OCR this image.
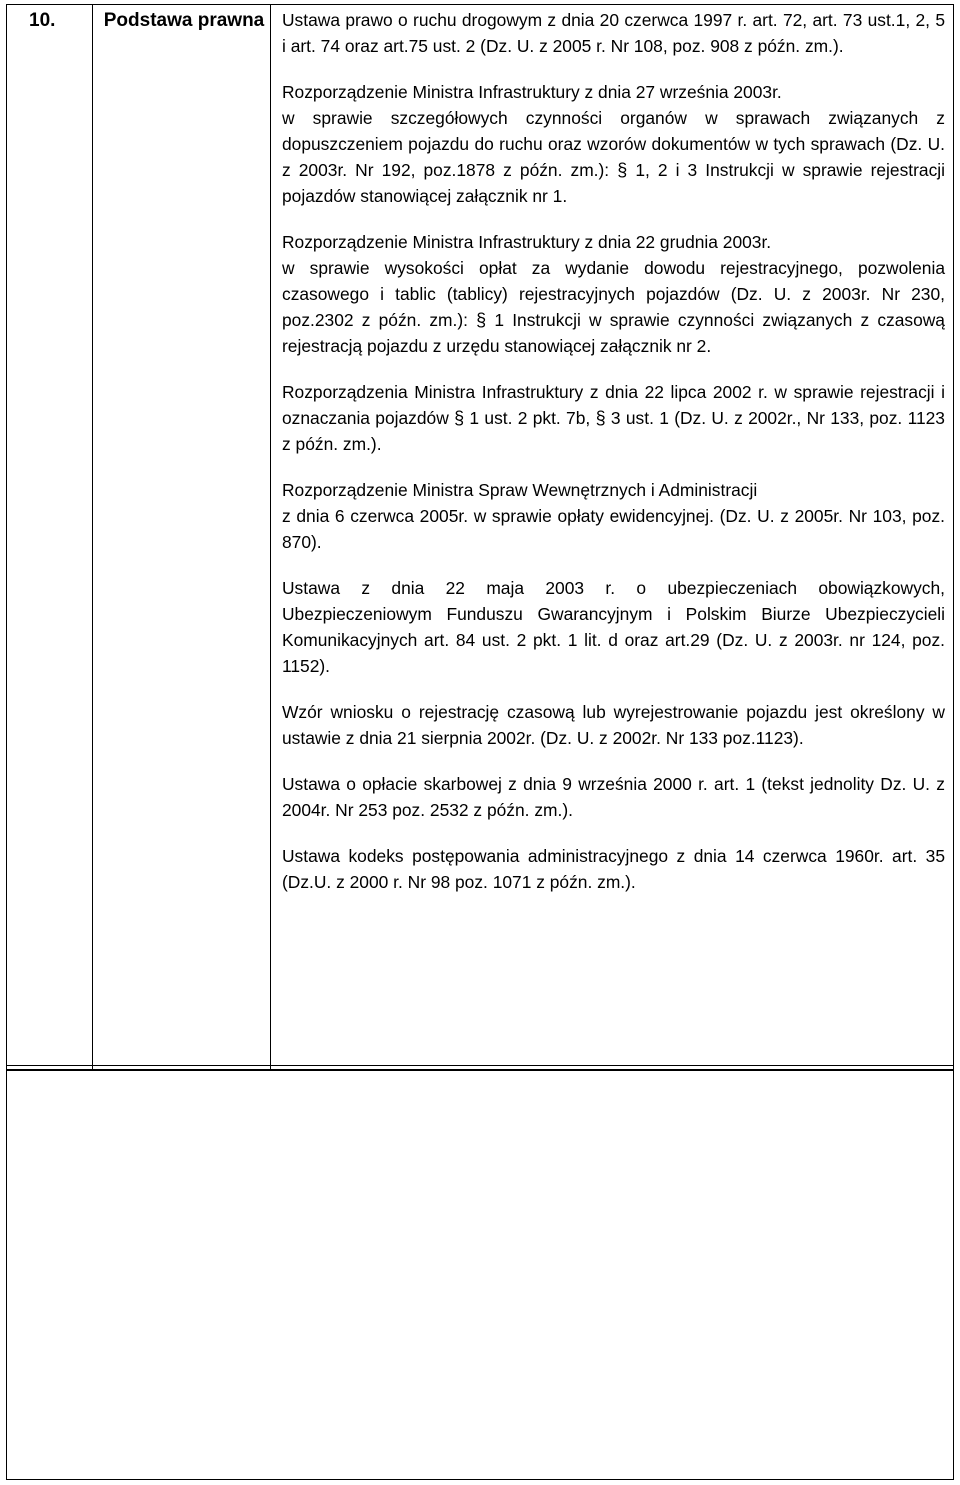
10.	Podstawa prawna Ustawa prawo o ruchu drogowym z dnia 20 czerwca 1997 r. art. 72, art. 73 ust.1, 2, 5 i art. 74 oraz art.75 ust. 2 (Dz. U. z 2005 r. Nr 108, poz. 908 z późn. zm.).

Rozporządzenie Ministra Infrastruktury z dnia 27 września 2003r.
w sprawie szczegółowych czynności organów w sprawach związanych z dopuszczeniem pojazdu do ruchu oraz wzorów dokumentów w tych sprawach (Dz. U. z 2003r. Nr 192, poz.1878 z późn. zm.): § 1, 2 i 3 Instrukcji w sprawie rejestracji pojazdów stanowiącej załącznik nr 1.

Rozporządzenie Ministra Infrastruktury z dnia 22 grudnia 2003r.
w sprawie wysokości opłat za wydanie dowodu rejestracyjnego, pozwolenia czasowego i tablic (tablicy) rejestracyjnych pojazdów (Dz. U. z 2003r. Nr 230, poz.2302 z późn. zm.): § 1 Instrukcji w sprawie czynności związanych z czasową rejestracją pojazdu z urzędu stanowiącej załącznik nr 2.

Rozporządzenia Ministra Infrastruktury z dnia 22 lipca 2002 r. w sprawie rejestracji i oznaczania pojazdów § 1 ust. 2 pkt. 7b, § 3 ust. 1 (Dz. U. z 2002r., Nr 133, poz. 1123 z późn. zm.).

Rozporządzenie Ministra Spraw Wewnętrznych i Administracji
z dnia 6 czerwca 2005r. w sprawie opłaty ewidencyjnej. (Dz. U. z 2005r. Nr 103, poz. 870).

Ustawa z dnia 22 maja 2003 r. o ubezpieczeniach obowiązkowych, Ubezpieczeniowym Funduszu Gwarancyjnym i Polskim Biurze Ubezpieczycieli Komunikacyjnych art. 84 ust. 2 pkt. 1 lit. d oraz art.29 (Dz. U. z 2003r. nr 124, poz. 1152).

Wzór wniosku o rejestrację czasową lub wyrejestrowanie pojazdu jest określony w ustawie z dnia 21 sierpnia 2002r. (Dz. U. z 2002r. Nr 133 poz.1123).

Ustawa o opłacie skarbowej z dnia 9 września 2000 r. art. 1 (tekst jednolity Dz. U. z 2004r. Nr 253 poz. 2532 z późn. zm.).

Ustawa kodeks postępowania administracyjnego z dnia 14 czerwca 1960r. art. 35 (Dz.U. z 2000 r. Nr 98 poz. 1071 z późn. zm.).
